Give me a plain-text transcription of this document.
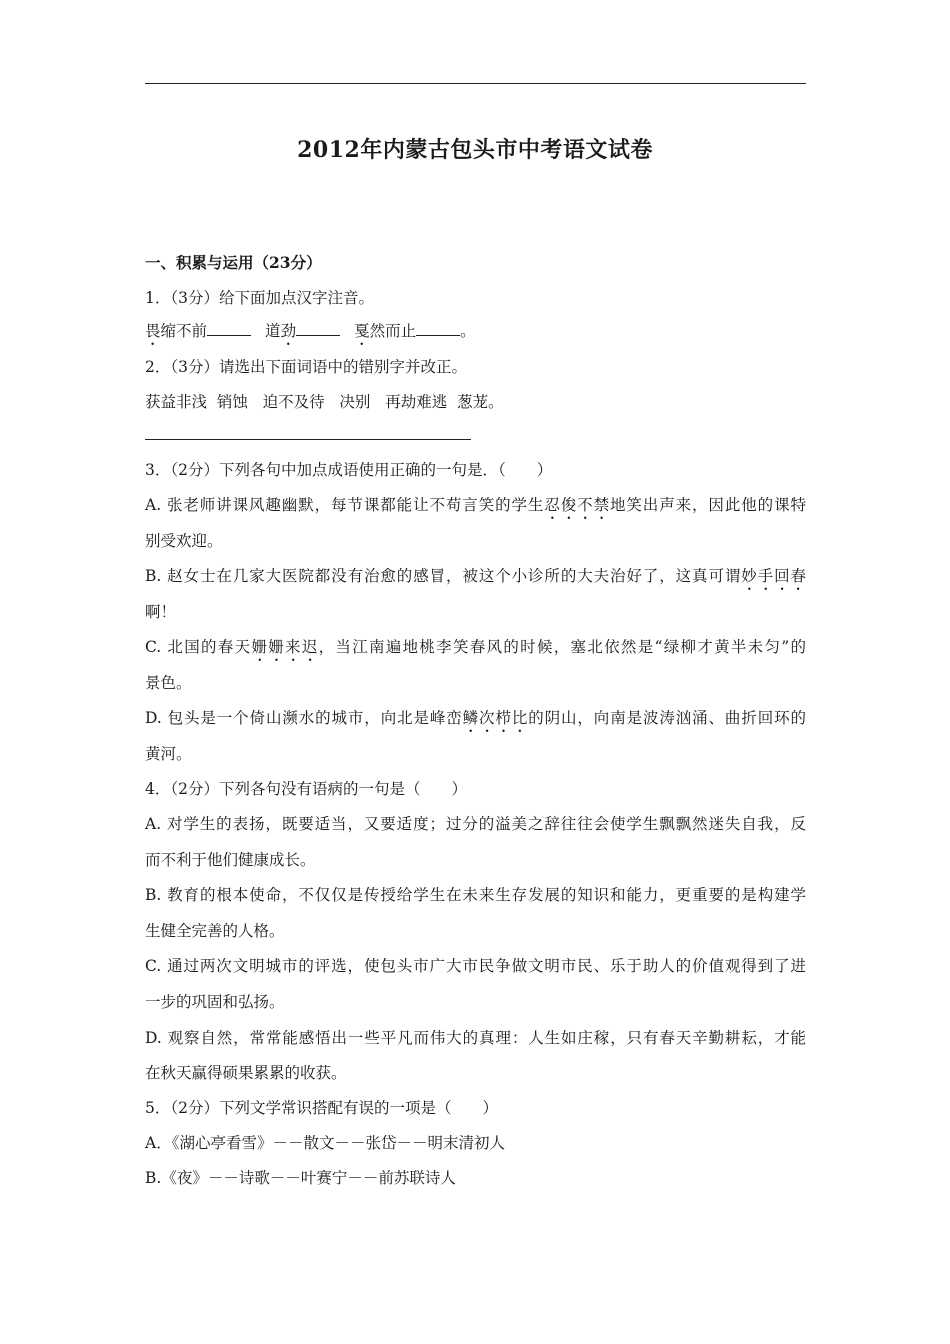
2012年内蒙古包头市中考语文试卷
一、积累与运用（23分）
1．（3分）给下面加点汉字注音。
畏缩不前	道劲	戛然而止	。
2．（3分）请选出下面词语中的错别字并改正。
获益非浅  销蚀   迫不及待   决别   再劫难逃  葱茏。
3．（2分）下列各句中加点成语使用正确的一句是．（　　）
A. 张老师讲课风趣幽默，每节课都能让不苟言笑的学生忍俊不禁地笑出声来，因此他的课特
别受欢迎。
B. 赵女士在几家大医院都没有治愈的感冒，被这个小诊所的大夫治好了，这真可谓妙手回春
啊！
C. 北国的春天姗姗来迟，当江南遍地桃李笑春风的时候，塞北依然是“绿柳才黄半未匀”的
景色。
D. 包头是一个倚山濒水的城市，向北是峰峦鳞次栉比的阴山，向南是波涛汹涌、曲折回环的
黄河。
4．（2分）下列各句没有语病的一句是（　　）
A. 对学生的表扬，既要适当，又要适度；过分的溢美之辞往往会使学生飘飘然迷失自我，反
而不利于他们健康成长。
B. 教育的根本使命，不仅仅是传授给学生在未来生存发展的知识和能力，更重要的是构建学
生健全完善的人格。
C. 通过两次文明城市的评选，使包头市广大市民争做文明市民、乐于助人的价值观得到了进
一步的巩固和弘扬。
D. 观察自然，常常能感悟出一些平凡而伟大的真理：人生如庄稼，只有春天辛勤耕耘，才能
在秋天赢得硕果累累的收获。
5．（2分）下列文学常识搭配有误的一项是（　　）
A．《湖心亭看雪》－－散文－－张岱－－明末清初人
B.《夜》－－诗歌－－叶赛宁－－前苏联诗人
